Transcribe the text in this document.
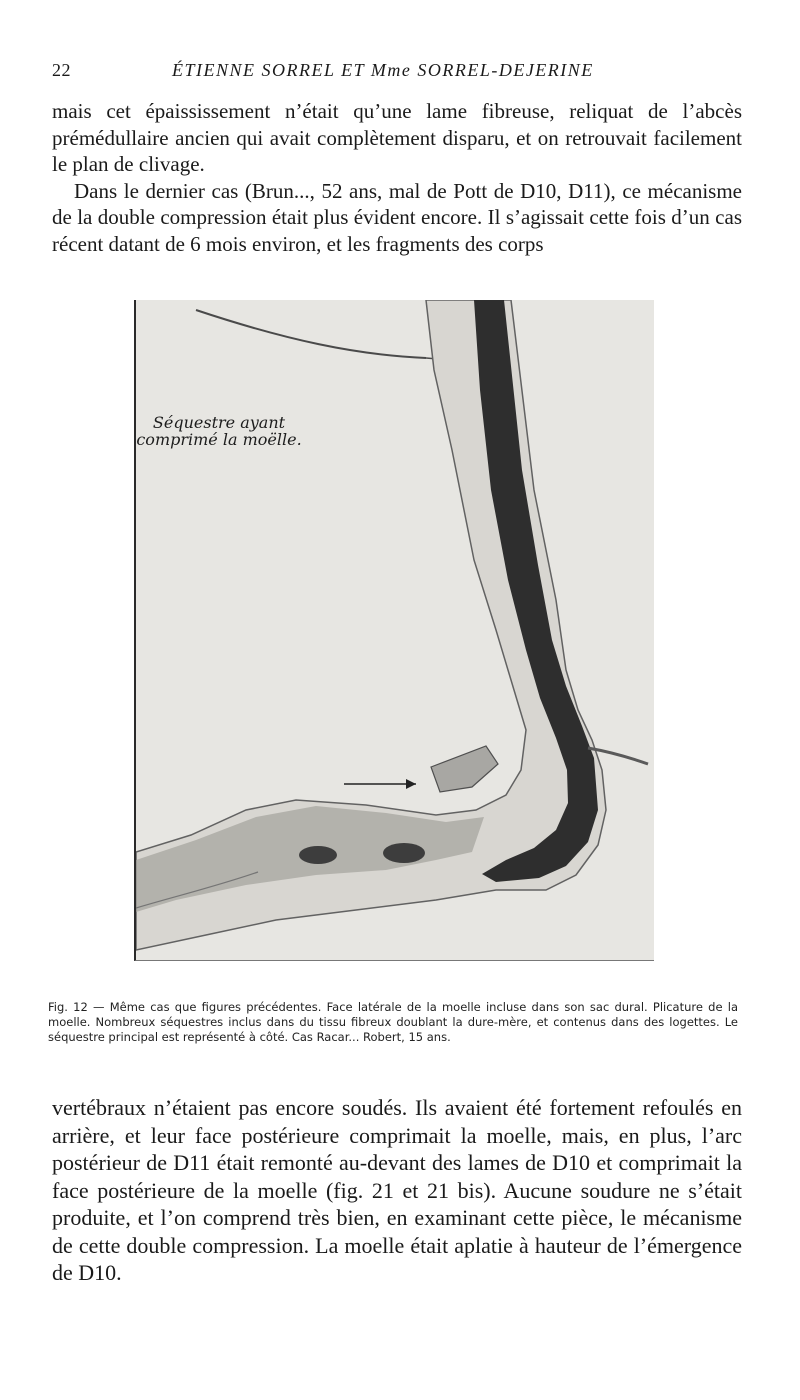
22	ÉTIENNE SORREL ET Mme SORREL-DEJERINE

mais cet épaississement n’était qu’une lame fibreuse, reliquat de l’abcès prémédullaire ancien qui avait complètement disparu, et on retrouvait facilement le plan de clivage.

Dans le dernier cas (Brun..., 52 ans, mal de Pott de D10, D11), ce mécanisme de la double compression était plus évident encore. Il s’agissait cette fois d’un cas récent datant de 6 mois environ, et les fragments des corps

Séquestre ayant comprimé la moëlle.
Fig. 12 — Même cas que figures précédentes. Face latérale de la moelle incluse dans son sac dural. Plicature de la moelle. Nombreux séquestres inclus dans du tissu fibreux doublant la dure-mère, et contenus dans des logettes. Le séquestre principal est représenté à côté. Cas Racar... Robert, 15 ans.

vertébraux n’étaient pas encore soudés. Ils avaient été fortement refoulés en arrière, et leur face postérieure comprimait la moelle, mais, en plus, l’arc postérieur de D11 était remonté au-devant des lames de D10 et comprimait la face postérieure de la moelle (fig. 21 et 21 bis). Aucune soudure ne s’était produite, et l’on comprend très bien, en examinant cette pièce, le mécanisme de cette double compression. La moelle était aplatie à hauteur de l’émergence de D10.
